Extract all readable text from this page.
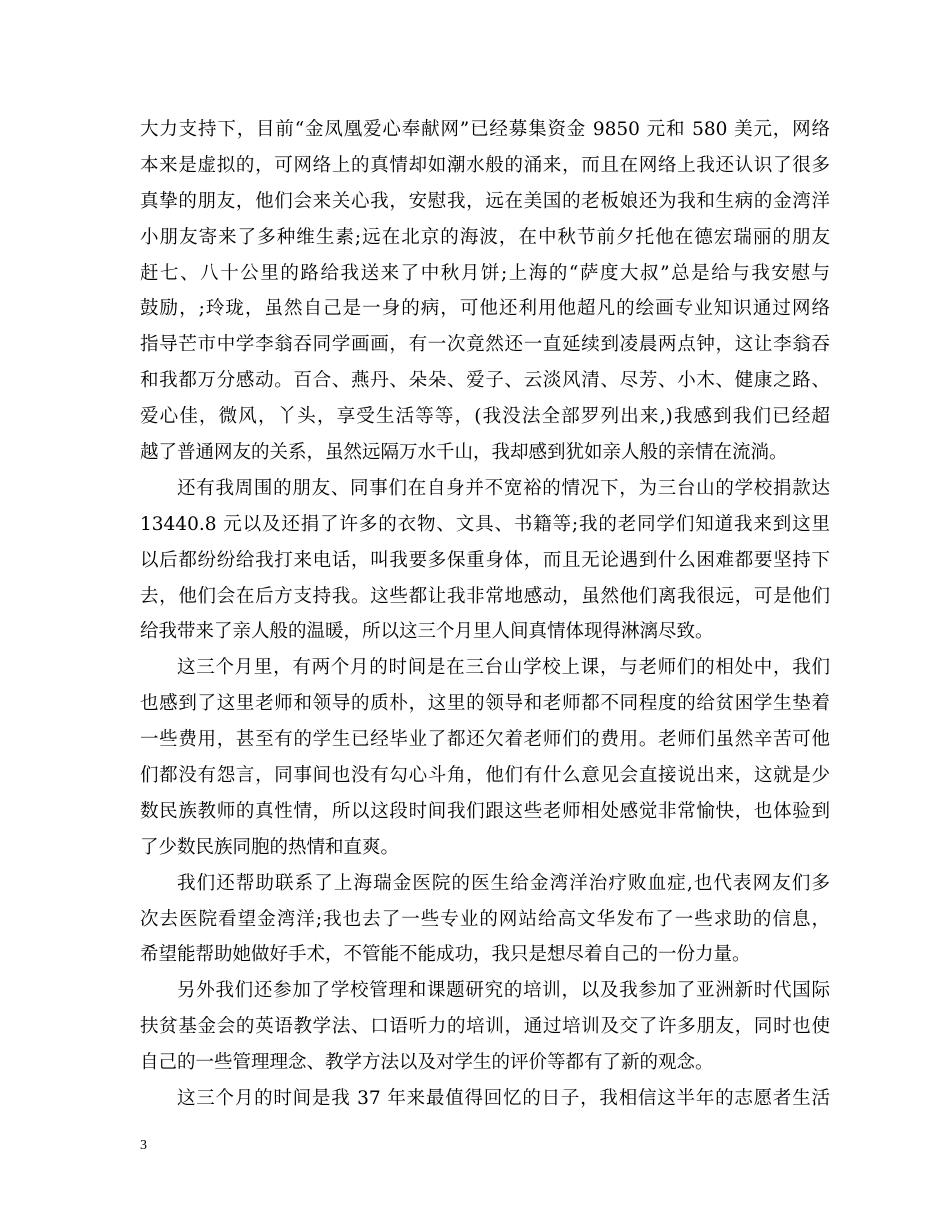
大力支持下，目前“金凤凰爱心奉献网”已经募集资金 9850 元和 580 美元，网络
本来是虚拟的，可网络上的真情却如潮水般的涌来，而且在网络上我还认识了很多
真挚的朋友，他们会来关心我，安慰我，远在美国的老板娘还为我和生病的金湾洋
小朋友寄来了多种维生素;远在北京的海波，在中秋节前夕托他在德宏瑞丽的朋友
赶七、八十公里的路给我送来了中秋月饼;上海的“萨度大叔”总是给与我安慰与
鼓励，;玲珑，虽然自己是一身的病，可他还利用他超凡的绘画专业知识通过网络
指导芒市中学李翁吞同学画画，有一次竟然还一直延续到凌晨两点钟，这让李翁吞
和我都万分感动。百合、燕丹、朵朵、爱子、云淡风清、尽芳、小木、健康之路、
爱心佳，微风，丫头，享受生活等等，(我没法全部罗列出来,)我感到我们已经超
越了普通网友的关系，虽然远隔万水千山，我却感到犹如亲人般的亲情在流淌。
还有我周围的朋友、同事们在自身并不宽裕的情况下，为三台山的学校捐款达
13440.8 元以及还捐了许多的衣物、文具、书籍等;我的老同学们知道我来到这里
以后都纷纷给我打来电话，叫我要多保重身体，而且无论遇到什么困难都要坚持下
去，他们会在后方支持我。这些都让我非常地感动，虽然他们离我很远，可是他们
给我带来了亲人般的温暖，所以这三个月里人间真情体现得淋漓尽致。
这三个月里，有两个月的时间是在三台山学校上课，与老师们的相处中，我们
也感到了这里老师和领导的质朴，这里的领导和老师都不同程度的给贫困学生垫着
一些费用，甚至有的学生已经毕业了都还欠着老师们的费用。老师们虽然辛苦可他
们都没有怨言，同事间也没有勾心斗角，他们有什么意见会直接说出来，这就是少
数民族教师的真性情，所以这段时间我们跟这些老师相处感觉非常愉快，也体验到
了少数民族同胞的热情和直爽。
我们还帮助联系了上海瑞金医院的医生给金湾洋治疗败血症,也代表网友们多
次去医院看望金湾洋;我也去了一些专业的网站给高文华发布了一些求助的信息，
希望能帮助她做好手术，不管能不能成功，我只是想尽着自己的一份力量。
另外我们还参加了学校管理和课题研究的培训，以及我参加了亚洲新时代国际
扶贫基金会的英语教学法、口语听力的培训，通过培训及交了许多朋友，同时也使
自己的一些管理理念、教学方法以及对学生的评价等都有了新的观念。
这三个月的时间是我 37 年来最值得回忆的日子，我相信这半年的志愿者生活
3
